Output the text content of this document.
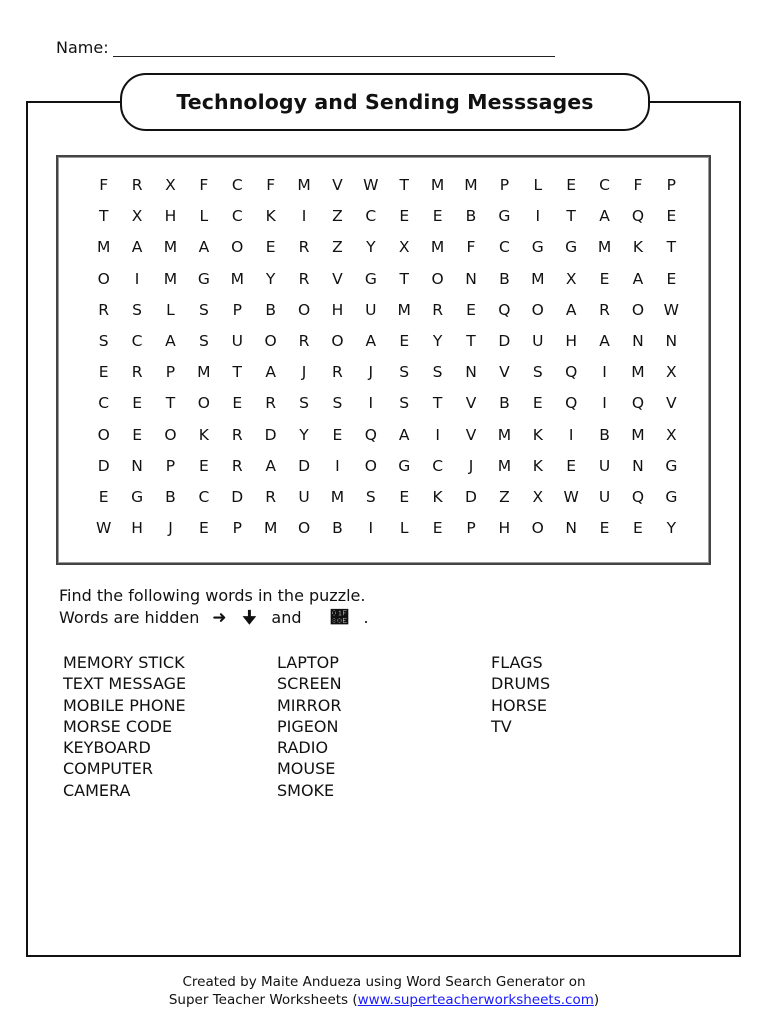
Name:
Technology and Sending Messsages
F	R	X	F	C	F	M	V	W	T	M	M	P	L	E	C	F	P
T	X	H	L	C	K	I	Z	C	E	E	B	G	I	T	A	Q	E
M	A	M	A	O	E	R	Z	Y	X	M	F	C	G	G	M	K	T
O	I	M	G	M	Y	R	V	G	T	O	N	B	M	X	E	A	E
R	S	L	S	P	B	O	H	U	M	R	E	Q	O	A	R	O	W
S	C	A	S	U	O	R	O	A	E	Y	T	D	U	H	A	N	N
E	R	P	M	T	A	J	R	J	S	S	N	V	S	Q	I	M	X
C	E	T	O	E	R	S	S	I	S	T	V	B	E	Q	I	Q	V
O	E	O	K	R	D	Y	E	Q	A	I	V	M	K	I	B	M	X
D	N	P	E	R	A	D	I	O	G	C	J	M	K	E	U	N	G
E	G	B	C	D	R	U	M	S	E	K	D	Z	X	W	U	Q	G
W	H	J	E	P	M	O	B	I	L	E	P	H	O	N	E	E	Y
Find the following words in the puzzle.
Words are hidden ➜ 🠋 and 🠎 .
MEMORY STICK
TEXT MESSAGE
MOBILE PHONE
MORSE CODE
KEYBOARD
COMPUTER
CAMERA
LAPTOP
SCREEN
MIRROR
PIGEON
RADIO
MOUSE
SMOKE
FLAGS
DRUMS
HORSE
TV
Created by Maite Andueza using Word Search Generator on
Super Teacher Worksheets (www.superteacherworksheets.com)
